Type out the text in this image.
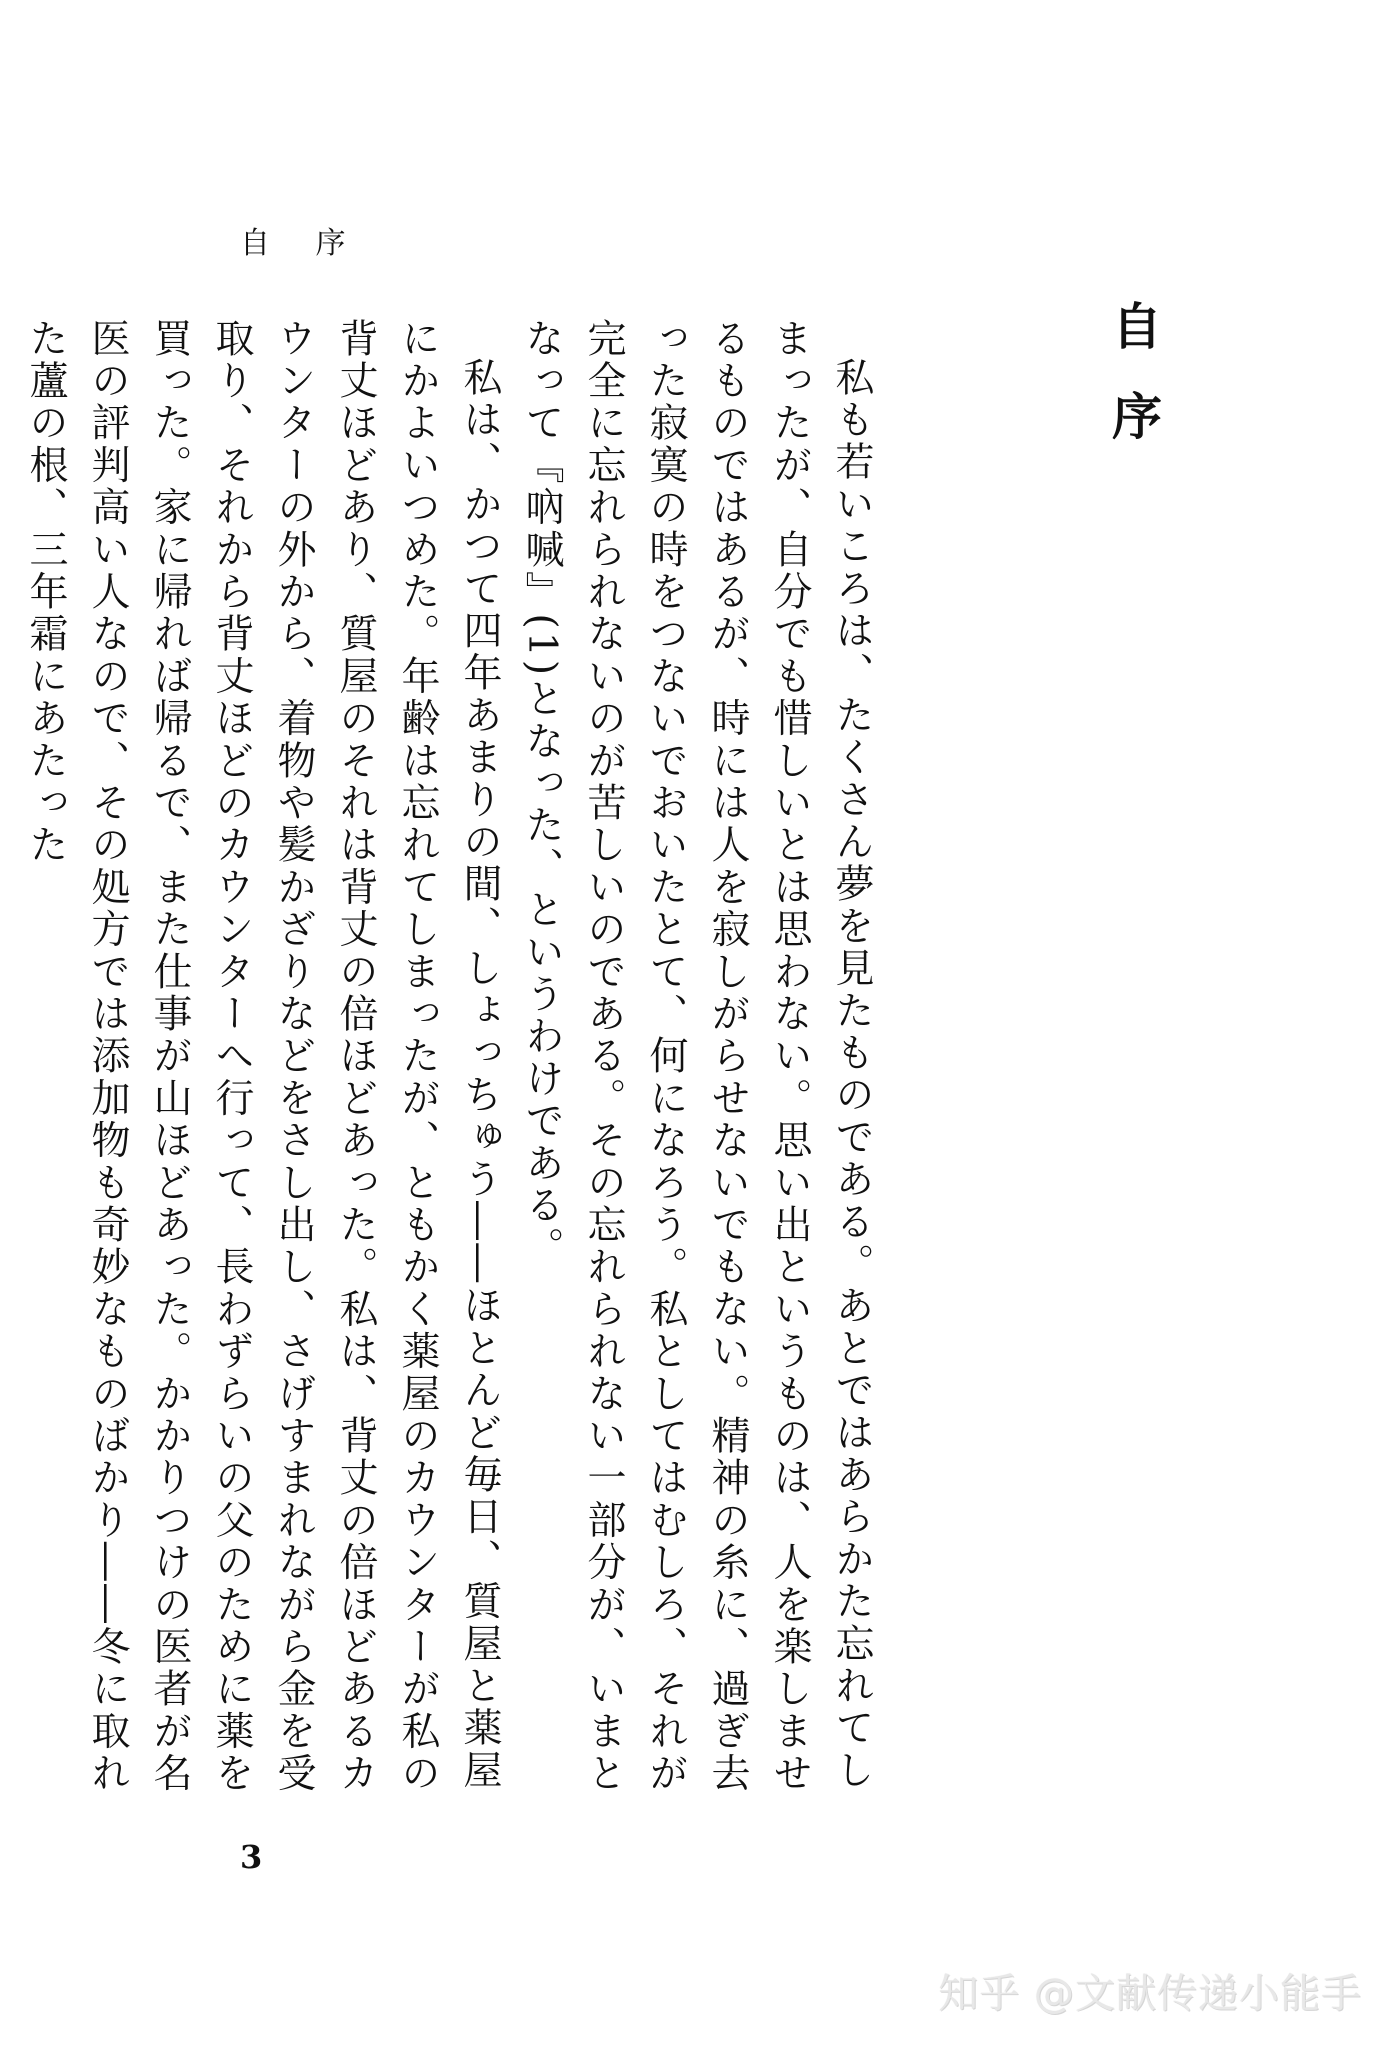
自 序
自序

私も若いころは、たくさん夢を見たものである。あとではあらかた忘れてしまったが、自分でも惜しいとは思わない。思い出というものは、人を楽しませるものではあるが、時には人を寂しがらせないでもない。精神の糸に、過ぎ去った寂寞の時をつないでおいたとて、何になろう。私としてはむしろ、それが完全に忘れられないのが苦しいのである。その忘れられない一部分が、いまとなって『吶喊』(1)となった、というわけである。

私は、かつて四年あまりの間、しょっちゅう――ほとんど毎日、質屋と薬屋にかよいつめた。年齢は忘れてしまったが、ともかく薬屋のカウンターが私の背丈ほどあり、質屋のそれは背丈の倍ほどあった。私は、背丈の倍ほどあるカウンターの外から、着物や髪かざりなどをさし出し、さげすまれながら金を受取り、それから背丈ほどのカウンターへ行って、長わずらいの父のために薬を買った。家に帰れば帰るで、また仕事が山ほどあった。かかりつけの医者が名医の評判高い人なので、その処方では添加物も奇妙なものばかり――冬に取れた蘆の根、三年霜にあたった

3
知乎 @文献传递小能手
